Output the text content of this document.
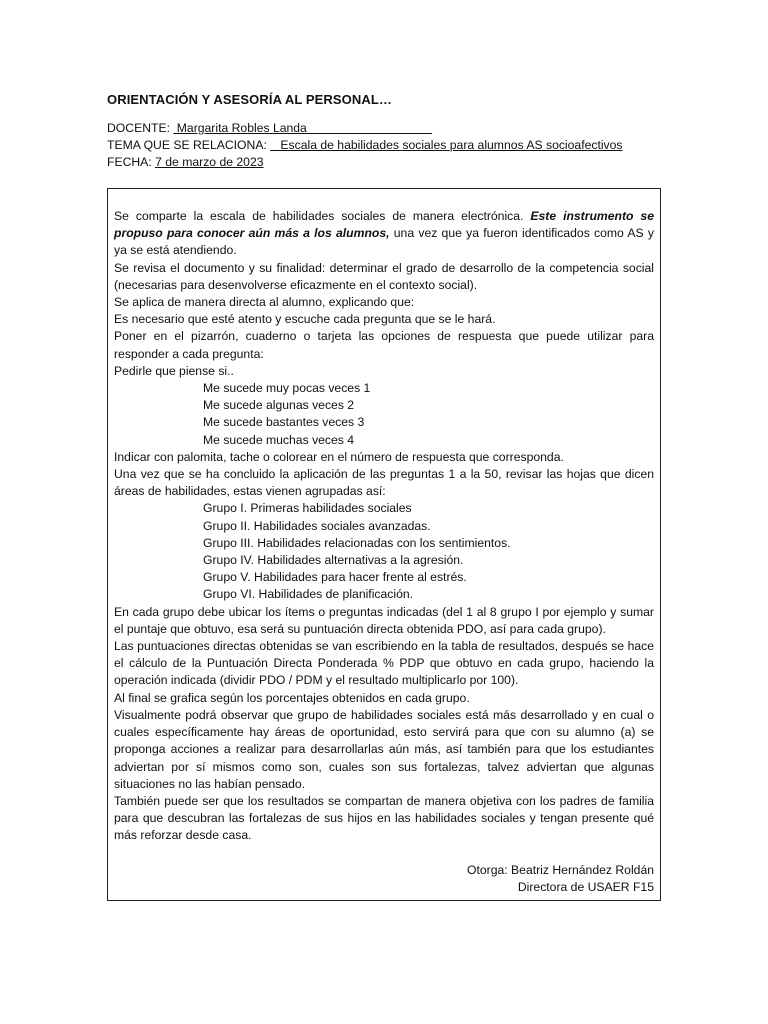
ORIENTACIÓN Y ASESORÍA AL PERSONAL…
DOCENTE:  Margarita Robles Landa
TEMA QUE SE RELACIONA:    Escala de habilidades sociales para alumnos AS socioafectivos
FECHA: 7 de marzo de 2023

Se comparte la escala de habilidades sociales de manera electrónica. Este instrumento se propuso para conocer aún más a los alumnos, una vez que ya fueron identificados como AS y ya se está atendiendo.

Se revisa el documento y su finalidad: determinar el grado de desarrollo de la competencia social (necesarias para desenvolverse eficazmente en el contexto social).

Se aplica de manera directa al alumno, explicando que:

Es necesario que esté atento y escuche cada pregunta que se le hará.

Poner en el pizarrón, cuaderno o tarjeta las opciones de respuesta que puede utilizar para responder a cada pregunta:

Pedirle que piense si..

Me sucede muy pocas veces 1

Me sucede algunas veces 2

Me sucede bastantes veces 3

Me sucede muchas veces 4

Indicar con palomita, tache o colorear en el número de respuesta que corresponda.

Una vez que se ha concluido la aplicación de las preguntas 1 a la 50, revisar las hojas que dicen áreas de habilidades, estas vienen agrupadas así:

Grupo I. Primeras habilidades sociales

Grupo II. Habilidades sociales avanzadas.

Grupo III. Habilidades relacionadas con los sentimientos.

Grupo IV. Habilidades alternativas a la agresión.

Grupo V. Habilidades para hacer frente al estrés.

Grupo VI. Habilidades de planificación.

En cada grupo debe ubicar los ítems o preguntas indicadas (del 1 al 8 grupo I por ejemplo y sumar el puntaje que obtuvo, esa será su puntuación directa obtenida PDO, así para cada grupo).

Las puntuaciones directas obtenidas se van escribiendo en la tabla de resultados, después se hace el cálculo de la Puntuación Directa Ponderada % PDP que obtuvo en cada grupo, haciendo la operación indicada (dividir PDO / PDM y el resultado multiplicarlo por 100).

Al final se grafica según los porcentajes obtenidos en cada grupo.

Visualmente podrá observar que grupo de habilidades sociales está más desarrollado y en cual o cuales específicamente hay áreas de oportunidad, esto servirá para que con su alumno (a) se proponga acciones a realizar para desarrollarlas aún más, así también para que los estudiantes adviertan por sí mismos como son, cuales son sus fortalezas, talvez adviertan que algunas situaciones no las habían pensado.

También puede ser que los resultados se compartan de manera objetiva con los padres de familia para que descubran las fortalezas de sus hijos en las habilidades sociales y tengan presente qué más reforzar desde casa.

Otorga: Beatriz Hernández Roldán

Directora de USAER F15
